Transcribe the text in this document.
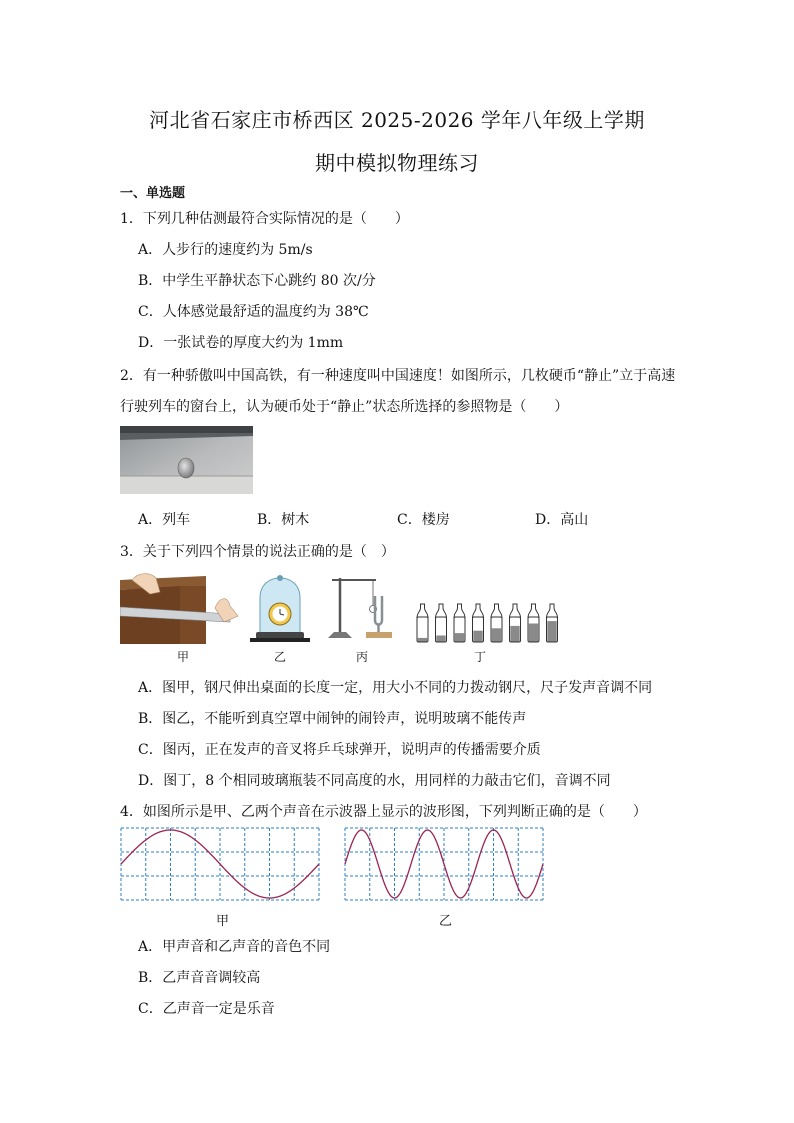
河北省石家庄市桥西区 2025-2026 学年八年级上学期
期中模拟物理练习
一、单选题
1．下列几种估测最符合实际情况的是（　　）
A．人步行的速度约为 5m/s
B．中学生平静状态下心跳约 80 次/分
C．人体感觉最舒适的温度约为 38℃
D．一张试卷的厚度大约为 1mm
2．有一种骄傲叫中国高铁，有一种速度叫中国速度！如图所示，几枚硬币“静止”立于高速
行驶列车的窗台上，认为硬币处于“静止”状态所选择的参照物是（　　）
A．列车	B．树木	C．楼房	D．高山
3．关于下列四个情景的说法正确的是（　）
甲	乙	丙	丁
A．图甲，钢尺伸出桌面的长度一定，用大小不同的力拨动钢尺，尺子发声音调不同
B．图乙，不能听到真空罩中闹钟的闹铃声，说明玻璃不能传声
C．图丙，正在发声的音叉将乒乓球弹开，说明声的传播需要介质
D．图丁，8 个相同玻璃瓶装不同高度的水，用同样的力敲击它们，音调不同
4．如图所示是甲、乙两个声音在示波器上显示的波形图，下列判断正确的是（　　）
甲	乙
A．甲声音和乙声音的音色不同
B．乙声音音调较高
C．乙声音一定是乐音
